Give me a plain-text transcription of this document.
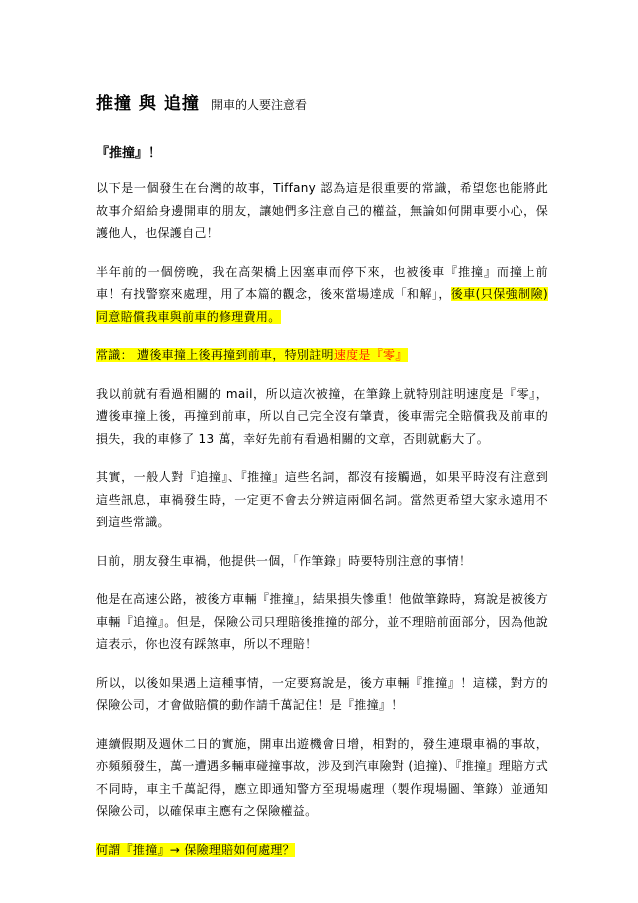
推撞 與 追撞 開車的人要注意看
『推撞』！

以下是一個發生在台灣的故事，Tiffany 認為這是很重要的常識，希望您也能將此故事介紹給身邊開車的朋友，讓她們多注意自己的權益，無論如何開車要小心，保護他人，也保護自己！

半年前的一個傍晚，我在高架橋上因塞車而停下來，也被後車『推撞』而撞上前車！有找警察來處理，用了本篇的觀念，後來當場達成「和解」，後車(只保強制險)同意賠償我車與前車的修理費用。

常識： 遭後車撞上後再撞到前車，特別註明速度是『零』

我以前就有看過相關的 mail，所以這次被撞，在筆錄上就特別註明速度是『零』，遭後車撞上後，再撞到前車，所以自己完全沒有肇責，後車需完全賠償我及前車的損失，我的車修了 13 萬，幸好先前有看過相關的文章，否則就虧大了。

其實，一般人對『追撞』、『推撞』這些名詞，都沒有接觸過，如果平時沒有注意到這些訊息，車禍發生時，一定更不會去分辨這兩個名詞。當然更希望大家永遠用不到這些常識。

日前，朋友發生車禍，他提供一個，「作筆錄」時要特別注意的事情！

他是在高速公路，被後方車輛『推撞』，結果損失慘重！他做筆錄時，寫說是被後方車輛『追撞』。但是，保險公司只理賠後推撞的部分，並不理賠前面部分，因為他說這表示，你也沒有踩煞車，所以不理賠！

所以，以後如果遇上這種事情，一定要寫說是，後方車輛『推撞』！這樣，對方的保險公司，才會做賠償的動作請千萬記住！是『推撞』！

連續假期及週休二日的實施，開車出遊機會日增，相對的，發生連環車禍的事故，亦頻頻發生，萬一遭遇多輛車碰撞事故，涉及到汽車險對 (追撞)、『推撞』理賠方式不同時，車主千萬記得，應立即通知警方至現場處理（製作現場圖、筆錄）並通知保險公司，以確保車主應有之保險權益。

何謂『推撞』→ 保險理賠如何處理？
